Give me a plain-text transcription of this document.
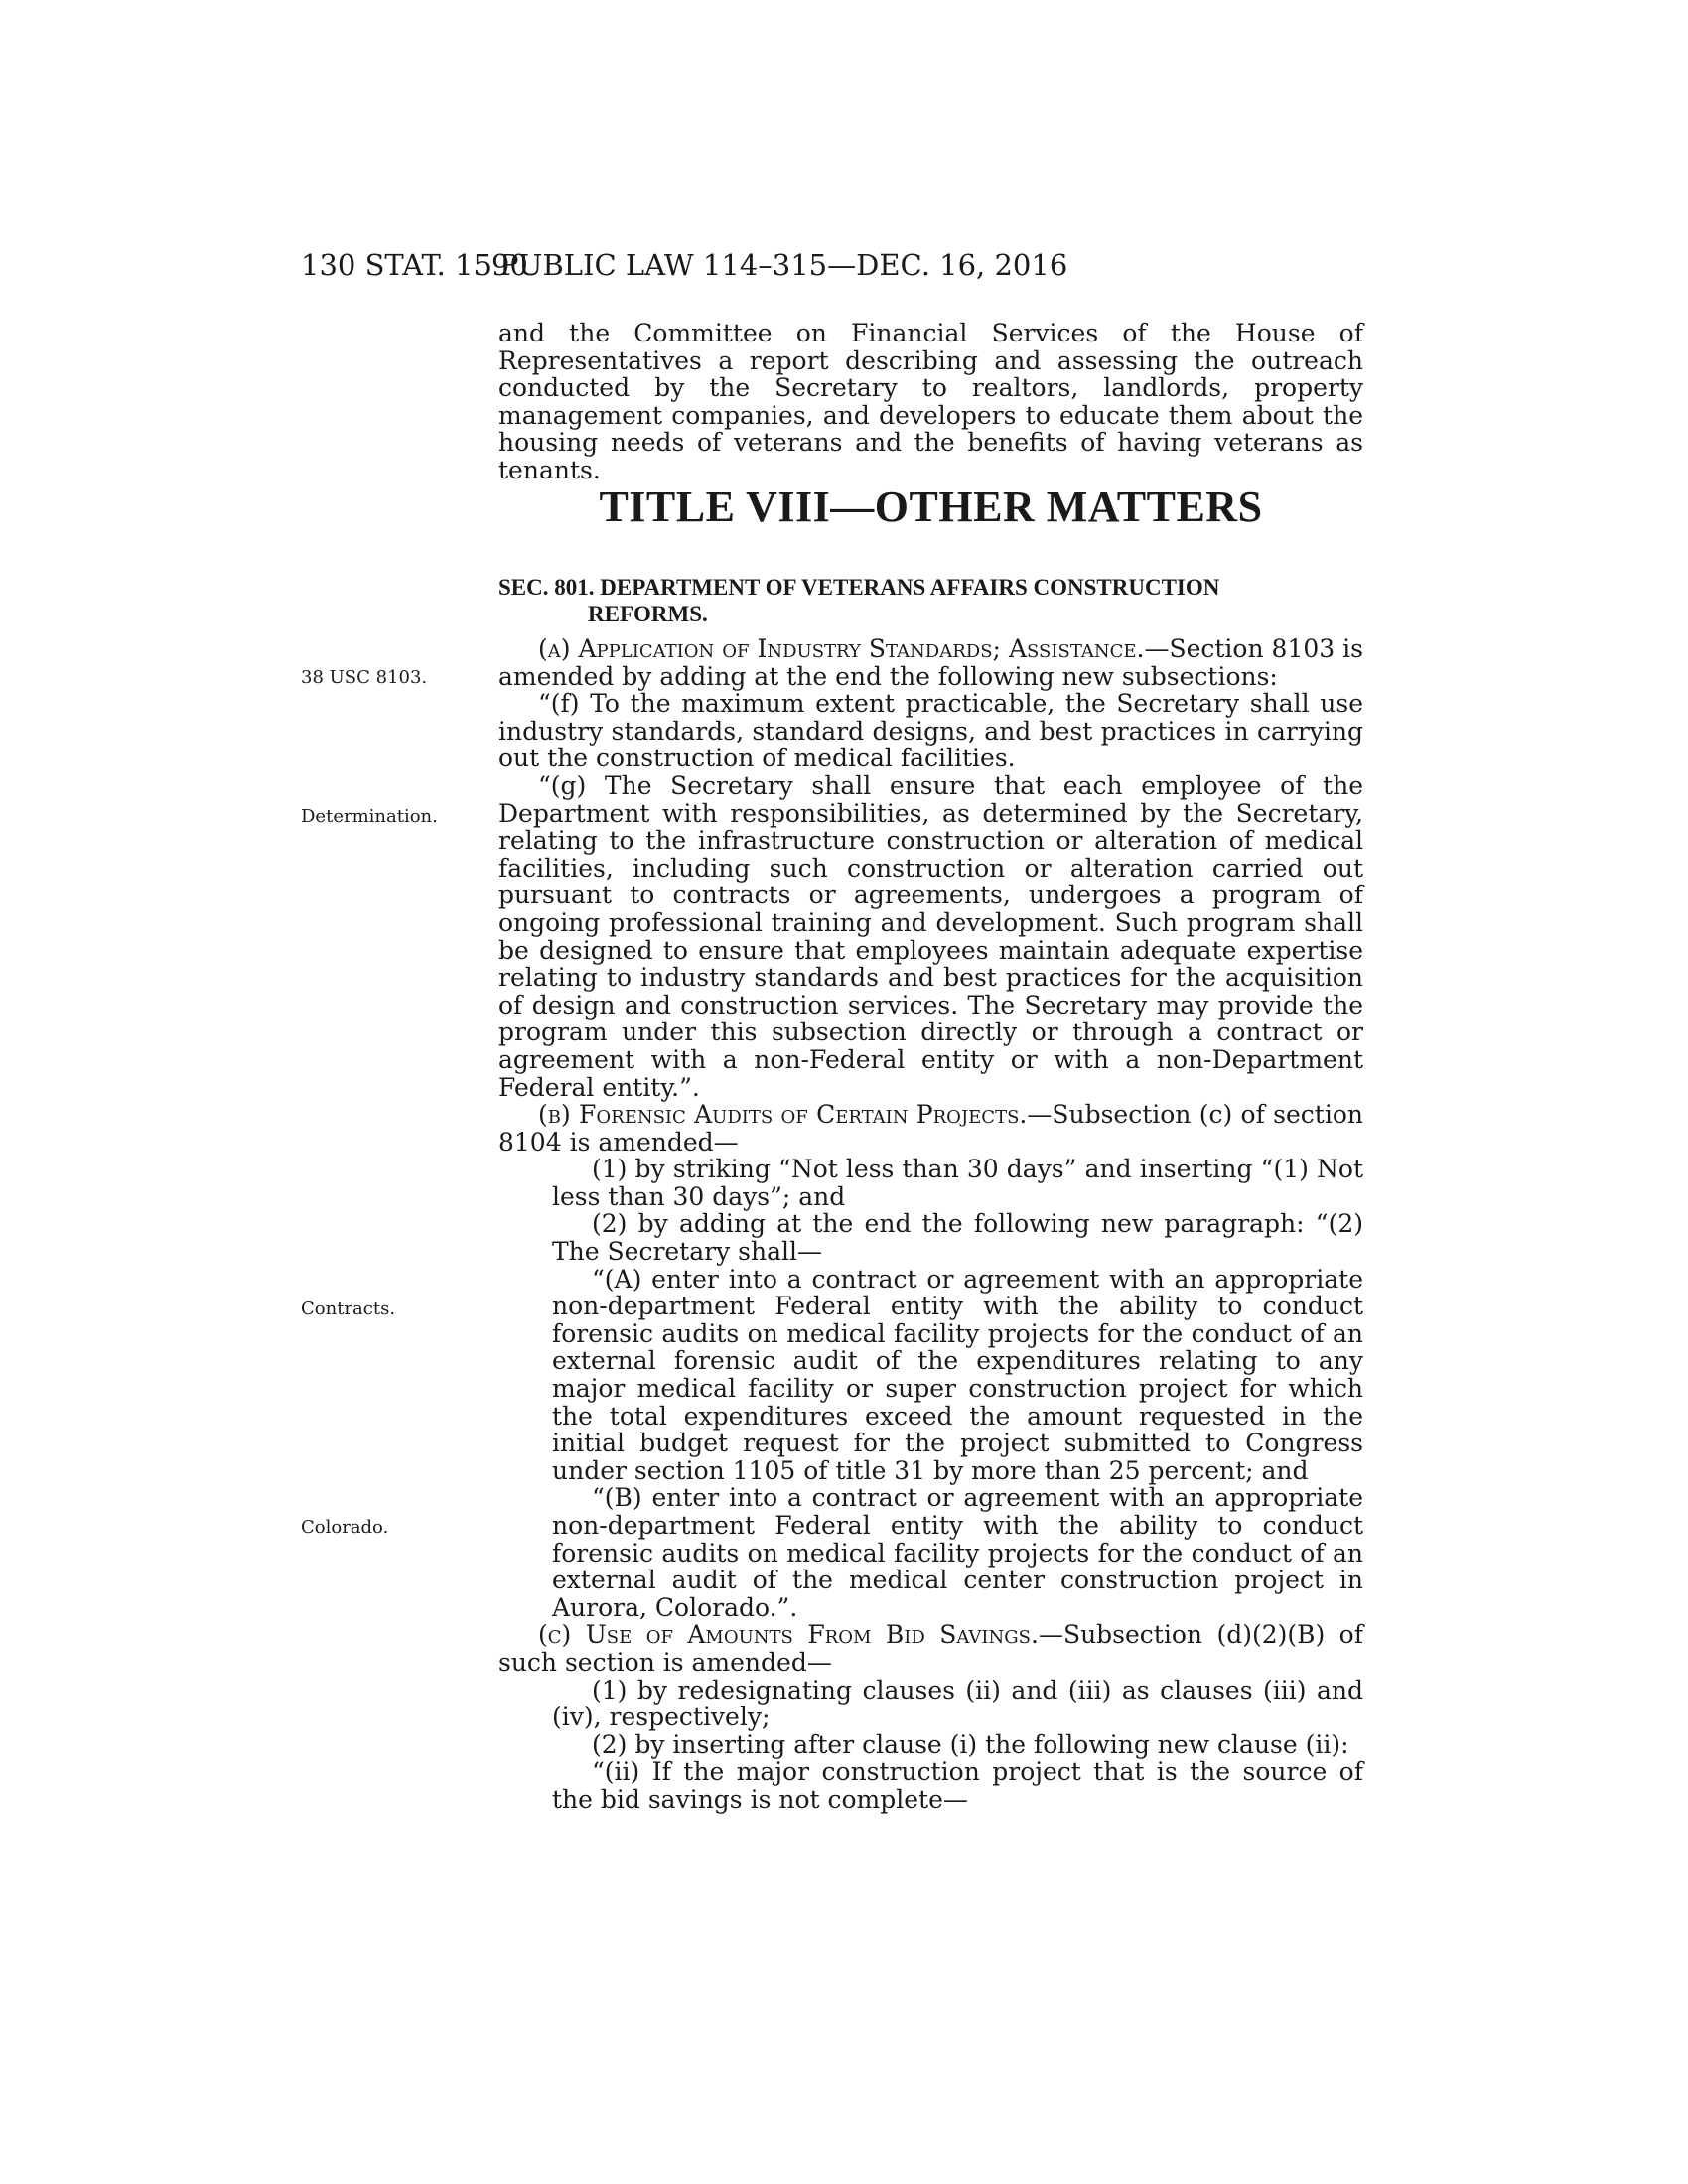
130 STAT. 1590
PUBLIC LAW 114–315—DEC. 16, 2016

and the Committee on Financial Services of the House of Representatives a report describing and assessing the outreach conducted by the Secretary to realtors, landlords, property management companies, and developers to educate them about the housing needs of veterans and the benefits of having veterans as tenants.

TITLE VIII—OTHER MATTERS
SEC. 801. DEPARTMENT OF VETERANS AFFAIRS CONSTRUCTION
REFORMS.
38 USC 8103.
Determination.
Contracts.
Colorado.

(a) Application of Industry Standards; Assistance.—Section 8103 is amended by adding at the end the following new subsections:

“(f) To the maximum extent practicable, the Secretary shall use industry standards, standard designs, and best practices in carrying out the construction of medical facilities.

“(g) The Secretary shall ensure that each employee of the Department with responsibilities, as determined by the Secretary, relating to the infrastructure construction or alteration of medical facilities, including such construction or alteration carried out pursuant to contracts or agreements, undergoes a program of ongoing professional training and development. Such program shall be designed to ensure that employees maintain adequate expertise relating to industry standards and best practices for the acquisition of design and construction services. The Secretary may provide the program under this subsection directly or through a contract or agreement with a non-Federal entity or with a non-Department Federal entity.”.

(b) Forensic Audits of Certain Projects.—Subsection (c) of section 8104 is amended—

(1) by striking “Not less than 30 days” and inserting “(1) Not less than 30 days”; and

(2) by adding at the end the following new paragraph: “(2) The Secretary shall—

“(A) enter into a contract or agreement with an appropriate non-department Federal entity with the ability to conduct forensic audits on medical facility projects for the conduct of an external forensic audit of the expenditures relating to any major medical facility or super construction project for which the total expenditures exceed the amount requested in the initial budget request for the project submitted to Congress under section 1105 of title 31 by more than 25 percent; and

“(B) enter into a contract or agreement with an appropriate non-department Federal entity with the ability to conduct forensic audits on medical facility projects for the conduct of an external audit of the medical center construction project in Aurora, Colorado.”.

(c) Use of Amounts From Bid Savings.—Subsection (d)(2)(B) of such section is amended—

(1) by redesignating clauses (ii) and (iii) as clauses (iii) and (iv), respectively;

(2) by inserting after clause (i) the following new clause (ii):

“(ii) If the major construction project that is the source of the bid savings is not complete—
